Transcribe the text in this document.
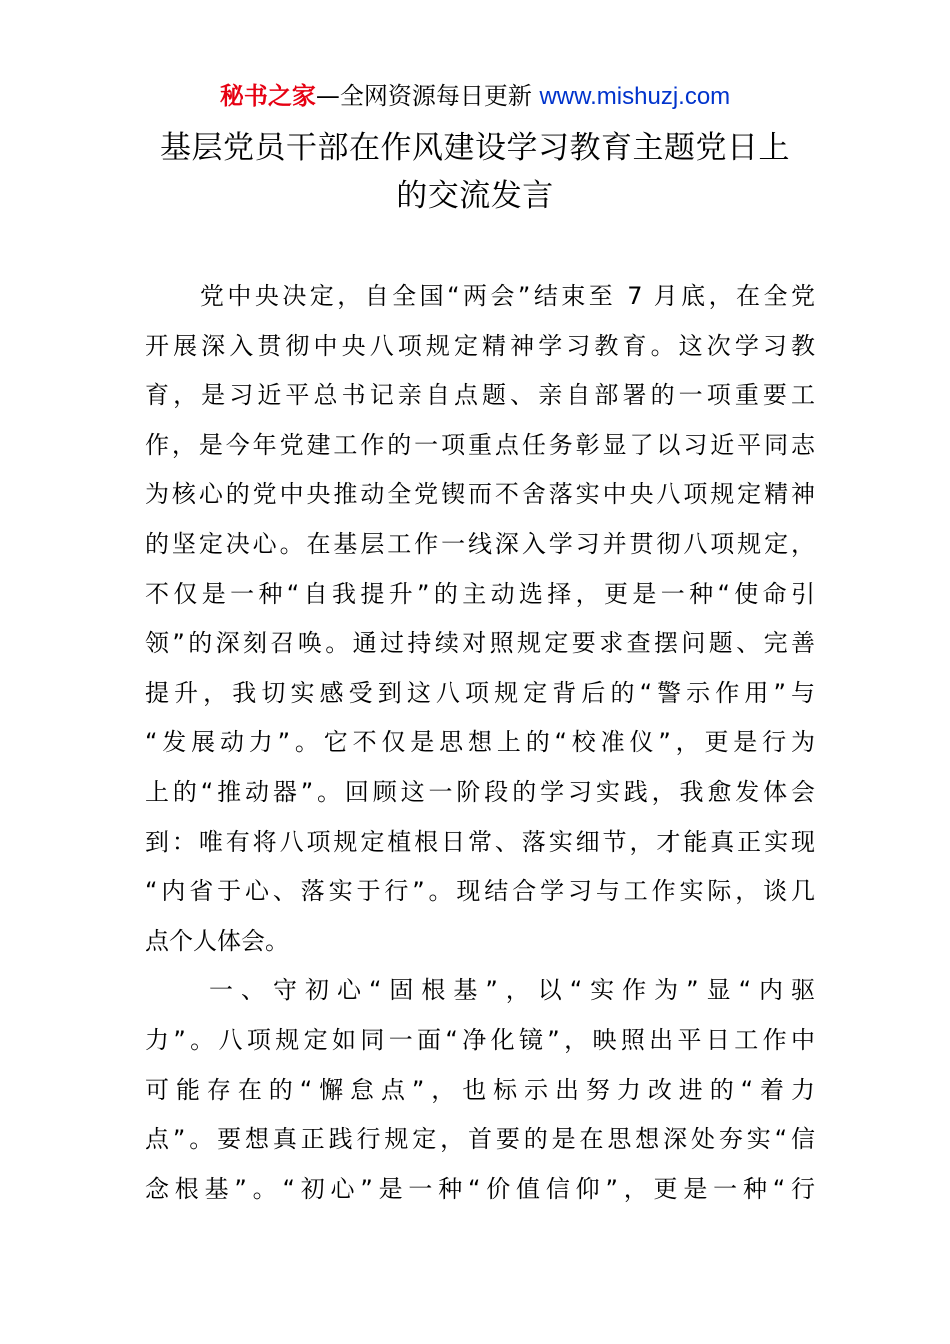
秘书之家—全网资源每日更新 www.mishuzj.com
基层党员干部在作风建设学习教育主题党日上
的交流发言

　　党中央决定，自全国“两会”结束至 7 月底，在全党
开展深入贯彻中央八项规定精神学习教育。这次学习教
育，是习近平总书记亲自点题、亲自部署的一项重要工
作，是今年党建工作的一项重点任务彰显了以习近平同志
为核心的党中央推动全党锲而不舍落实中央八项规定精神
的坚定决心。在基层工作一线深入学习并贯彻八项规定，
不仅是一种“自我提升”的主动选择，更是一种“使命引
领”的深刻召唤。通过持续对照规定要求查摆问题、完善
提升，我切实感受到这八项规定背后的“警示作用”与
“发展动力”。它不仅是思想上的“校准仪”，更是行为
上的“推动器”。回顾这一阶段的学习实践，我愈发体会
到：唯有将八项规定植根日常、落实细节，才能真正实现
“内省于心、落实于行”。现结合学习与工作实际，谈几
点个人体会。

　　一、守初心“固根基”，以“实作为”显“内驱
力”。八项规定如同一面“净化镜”，映照出平日工作中
可能存在的“懈怠点”，也标示出努力改进的“着力
点”。要想真正践行规定，首要的是在思想深处夯实“信
念根基”。“初心”是一种“价值信仰”，更是一种“行
